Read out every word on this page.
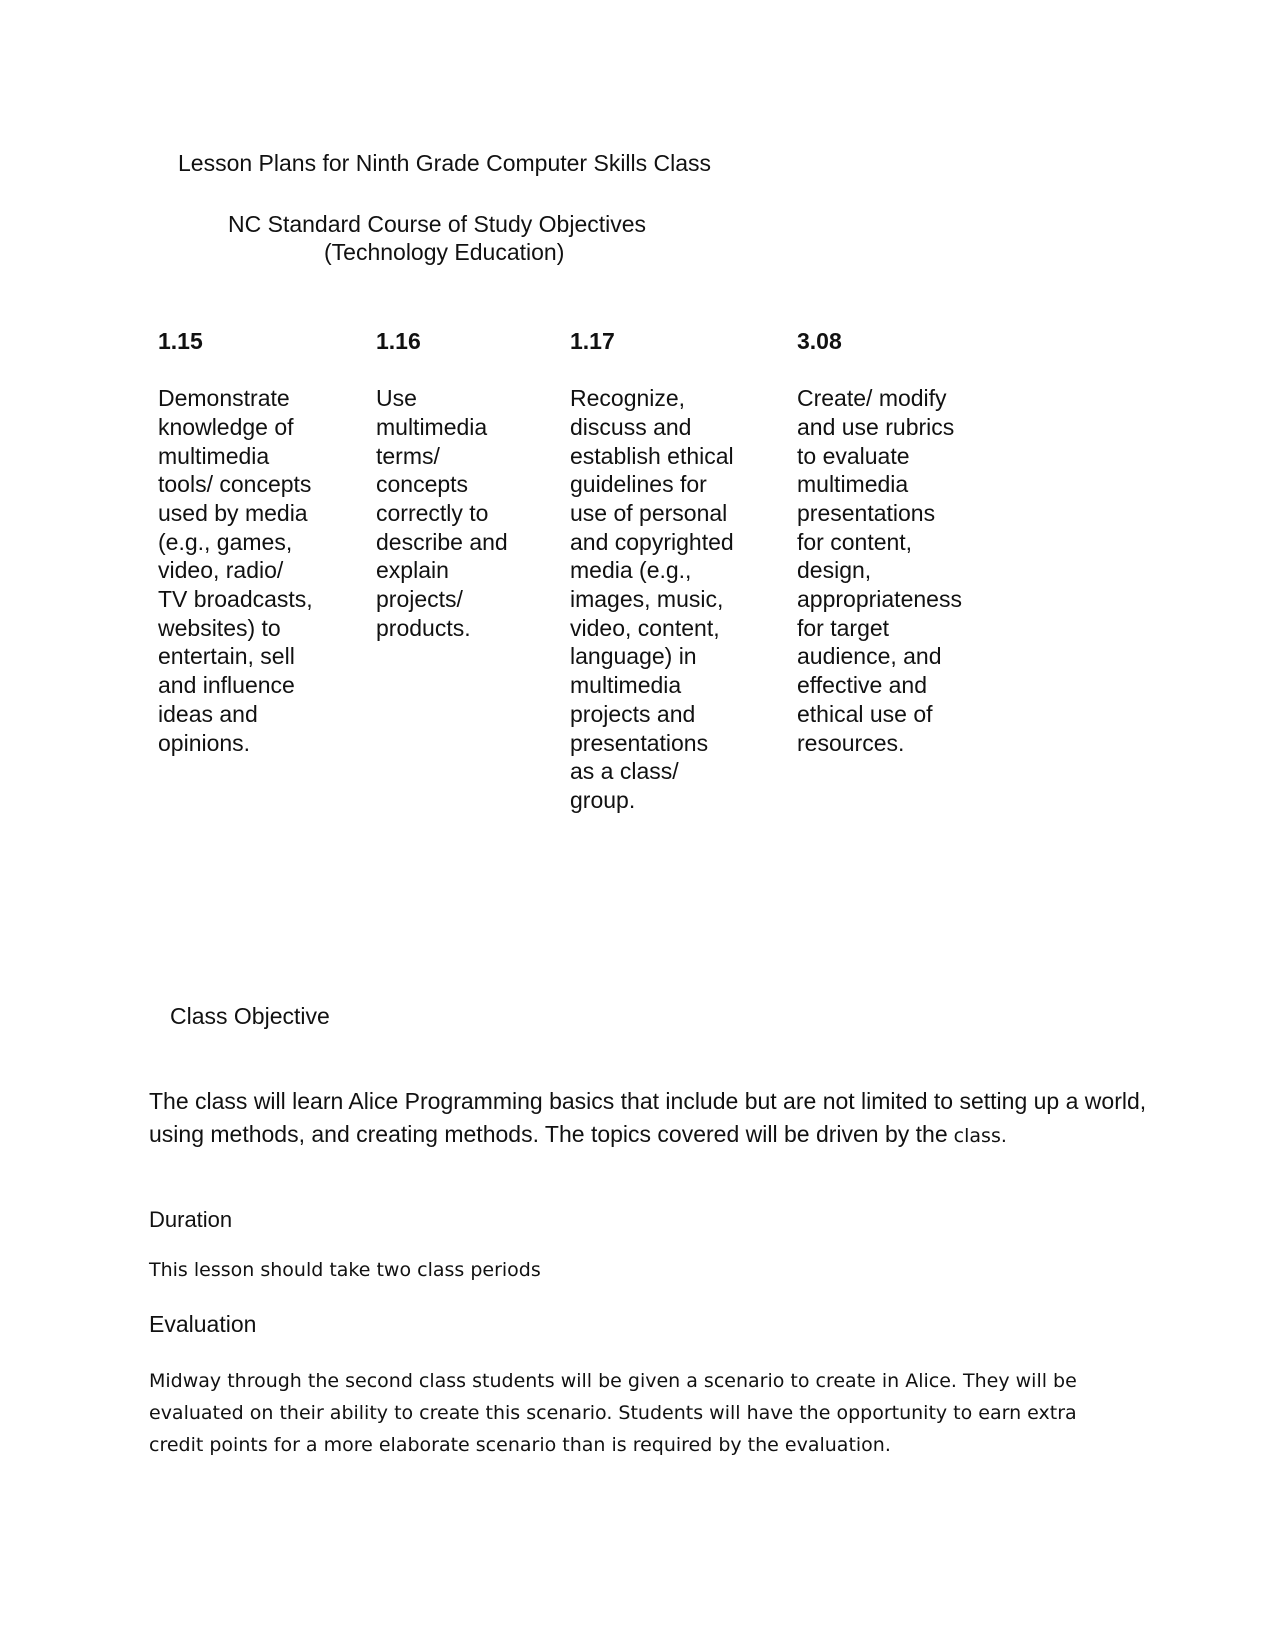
Lesson Plans for Ninth Grade Computer Skills Class
NC Standard Course of Study Objectives
(Technology Education)

1.15

Demonstrate
knowledge of
multimedia
tools/ concepts
used by media
(e.g., games,
video, radio/
TV broadcasts,
websites) to
entertain, sell
and influence
ideas and
opinions.

1.16

Use
multimedia
terms/
concepts
correctly to
describe and
explain
projects/
products.

1.17

Recognize,
discuss and
establish ethical
guidelines for
use of personal
and copyrighted
media (e.g.,
images, music,
video, content,
language) in
multimedia
projects and
presentations
as a class/
group.

3.08

Create/ modify
and use rubrics
to evaluate
multimedia
presentations
for content,
design,
appropriateness
for target
audience, and
effective and
ethical use of
resources.

Class Objective

The class will learn Alice Programming basics that include but are not limited to setting up a world, using methods, and creating methods. The topics covered will be driven by the class.

Duration

This lesson should take two class periods

Evaluation

Midway through the second class students will be given a scenario to create in Alice. They will be evaluated on their ability to create this scenario. Students will have the opportunity to earn extra credit points for a more elaborate scenario than is required by the evaluation.
